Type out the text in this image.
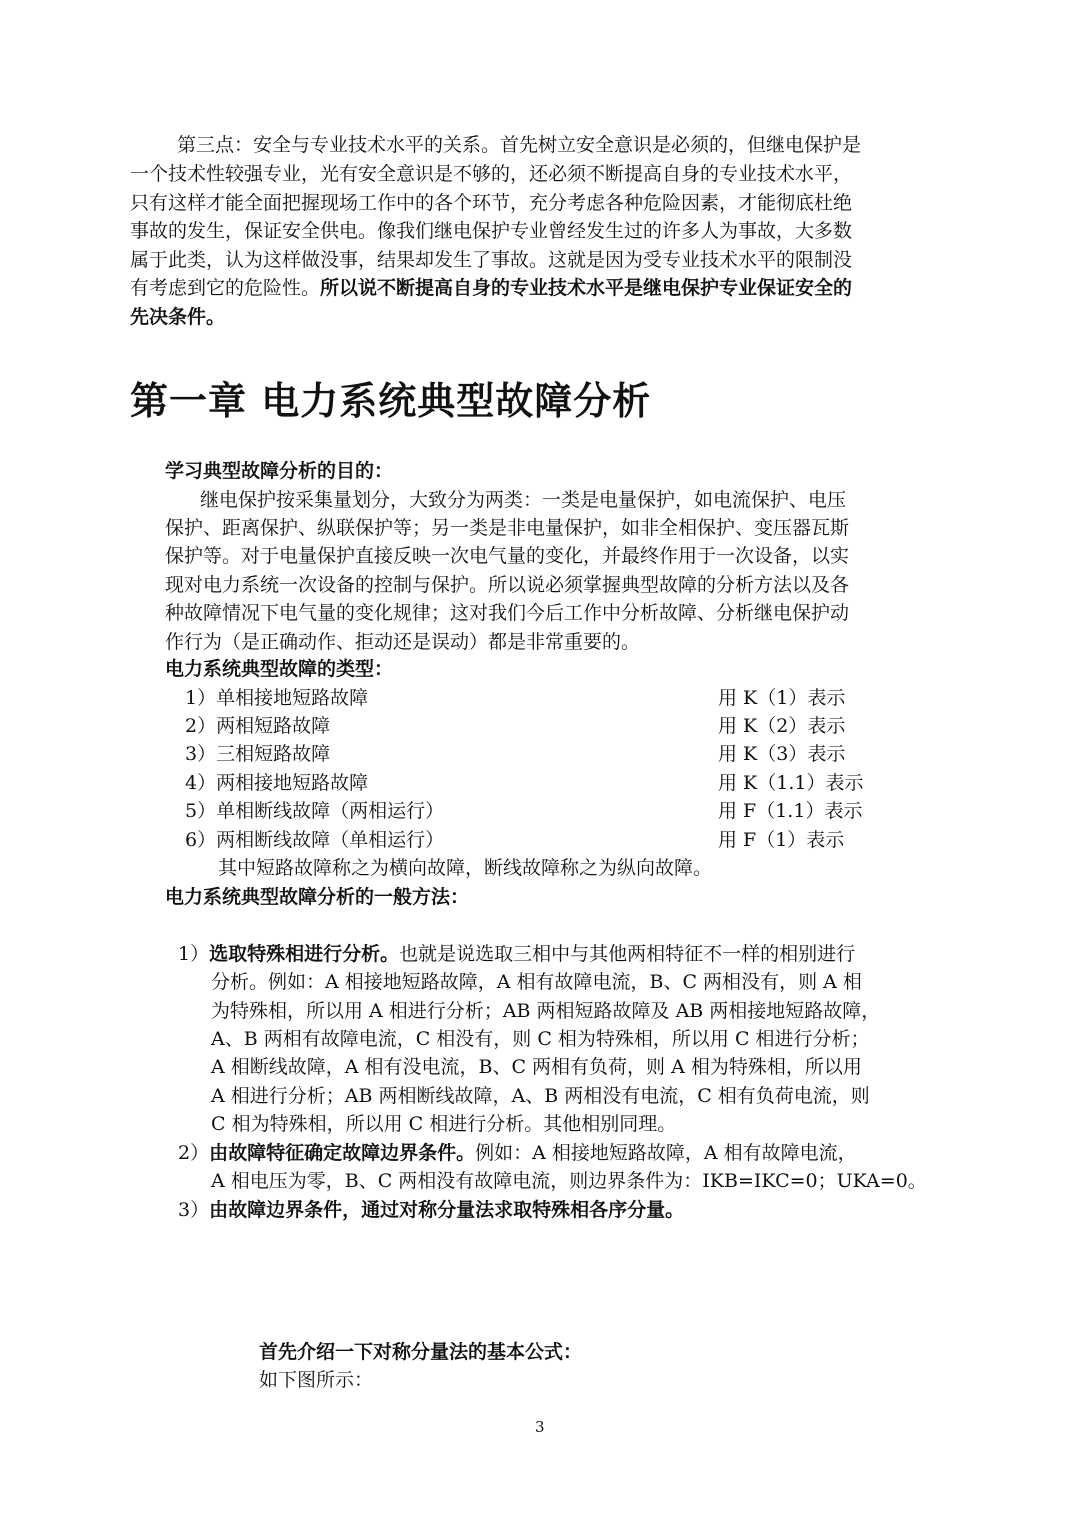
第三点：安全与专业技术水平的关系。首先树立安全意识是必须的，但继电保护是
一个技术性较强专业，光有安全意识是不够的，还必须不断提高自身的专业技术水平，
只有这样才能全面把握现场工作中的各个环节，充分考虑各种危险因素，才能彻底杜绝
事故的发生，保证安全供电。像我们继电保护专业曾经发生过的许多人为事故，大多数
属于此类，认为这样做没事，结果却发生了事故。这就是因为受专业技术水平的限制没
有考虑到它的危险性。所以说不断提高自身的专业技术水平是继电保护专业保证安全的
先决条件。
第一章 电力系统典型故障分析
学习典型故障分析的目的：
继电保护按采集量划分，大致分为两类：一类是电量保护，如电流保护、电压
保护、距离保护、纵联保护等；另一类是非电量保护，如非全相保护、变压器瓦斯
保护等。对于电量保护直接反映一次电气量的变化，并最终作用于一次设备，以实
现对电力系统一次设备的控制与保护。所以说必须掌握典型故障的分析方法以及各
种故障情况下电气量的变化规律；这对我们今后工作中分析故障、分析继电保护动
作行为（是正确动作、拒动还是误动）都是非常重要的。
电力系统典型故障的类型：
1）单相接地短路故障	用 K（1）表示
2）两相短路故障	用 K（2）表示
3）三相短路故障	用 K（3）表示
4）两相接地短路故障	用 K（1.1）表示
5）单相断线故障（两相运行）	用 F（1.1）表示
6）两相断线故障（单相运行）	用 F（1）表示
其中短路故障称之为横向故障，断线故障称之为纵向故障。
电力系统典型故障分析的一般方法：
1）选取特殊相进行分析。也就是说选取三相中与其他两相特征不一样的相别进行
分析。例如：A 相接地短路故障，A 相有故障电流，B、C 两相没有，则 A 相
为特殊相，所以用 A 相进行分析；AB 两相短路故障及 AB 两相接地短路故障，
A、B 两相有故障电流，C 相没有，则 C 相为特殊相，所以用 C 相进行分析；
A 相断线故障，A 相有没电流，B、C 两相有负荷，则 A 相为特殊相，所以用
A 相进行分析；AB 两相断线故障，A、B 两相没有电流，C 相有负荷电流，则
C 相为特殊相，所以用 C 相进行分析。其他相别同理。
2）由故障特征确定故障边界条件。例如：A 相接地短路故障，A 相有故障电流，
A 相电压为零，B、C 两相没有故障电流，则边界条件为：IKB=IKC=0；UKA=0。
3）由故障边界条件，通过对称分量法求取特殊相各序分量。
首先介绍一下对称分量法的基本公式：
如下图所示：
3
